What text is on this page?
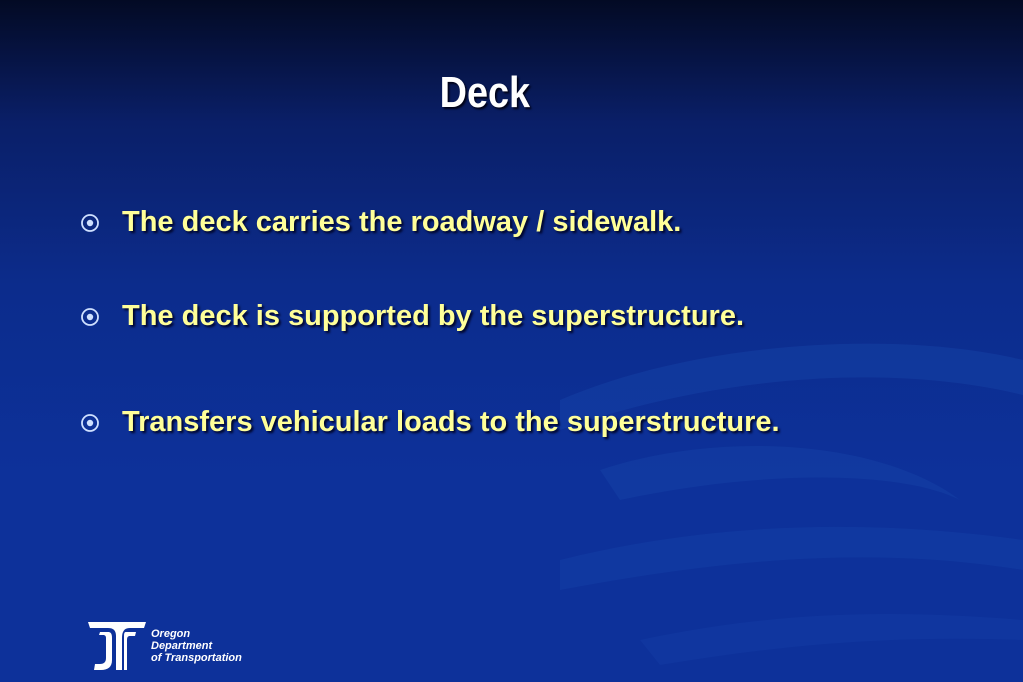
Deck
The deck carries the roadway / sidewalk.
The deck is supported by the superstructure.
Transfers vehicular loads to the superstructure.
Oregon
Department
of Transportation
